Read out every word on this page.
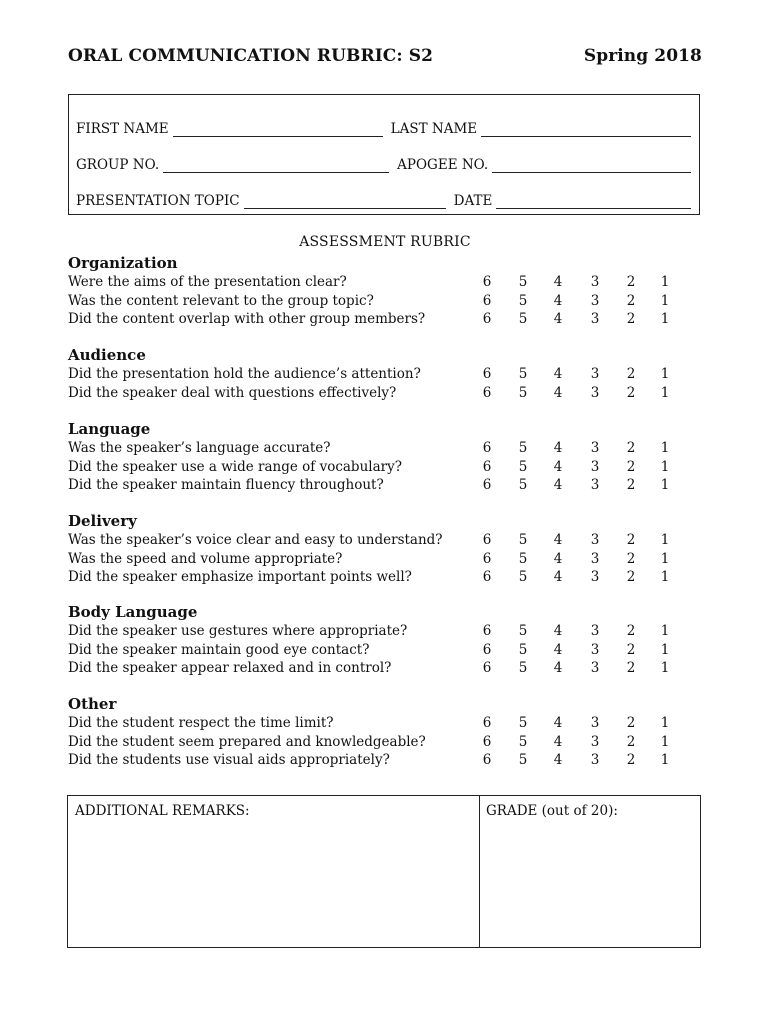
ORAL COMMUNICATION RUBRIC: S2	Spring 2018
FIRST NAME	LAST NAME
GROUP NO.	APOGEE NO.
PRESENTATION TOPIC	DATE
ASSESSMENT RUBRIC
Organization
Were the aims of the presentation clear?	6 5 4 3 2 1
Was the content relevant to the group topic?	6 5 4 3 2 1
Did the content overlap with other group members?	6 5 4 3 2 1
Audience
Did the presentation hold the audience’s attention?	6 5 4 3 2 1
Did the speaker deal with questions effectively?	6 5 4 3 2 1
Language
Was the speaker’s language accurate?	6 5 4 3 2 1
Did the speaker use a wide range of vocabulary?	6 5 4 3 2 1
Did the speaker maintain fluency throughout?	6 5 4 3 2 1
Delivery
Was the speaker’s voice clear and easy to understand?	6 5 4 3 2 1
Was the speed and volume appropriate?	6 5 4 3 2 1
Did the speaker emphasize important points well?	6 5 4 3 2 1
Body Language
Did the speaker use gestures where appropriate?	6 5 4 3 2 1
Did the speaker maintain good eye contact?	6 5 4 3 2 1
Did the speaker appear relaxed and in control?	6 5 4 3 2 1
Other
Did the student respect the time limit?	6 5 4 3 2 1
Did the student seem prepared and knowledgeable?	6 5 4 3 2 1
Did the students use visual aids appropriately?	6 5 4 3 2 1
ADDITIONAL REMARKS:	GRADE (out of 20):
